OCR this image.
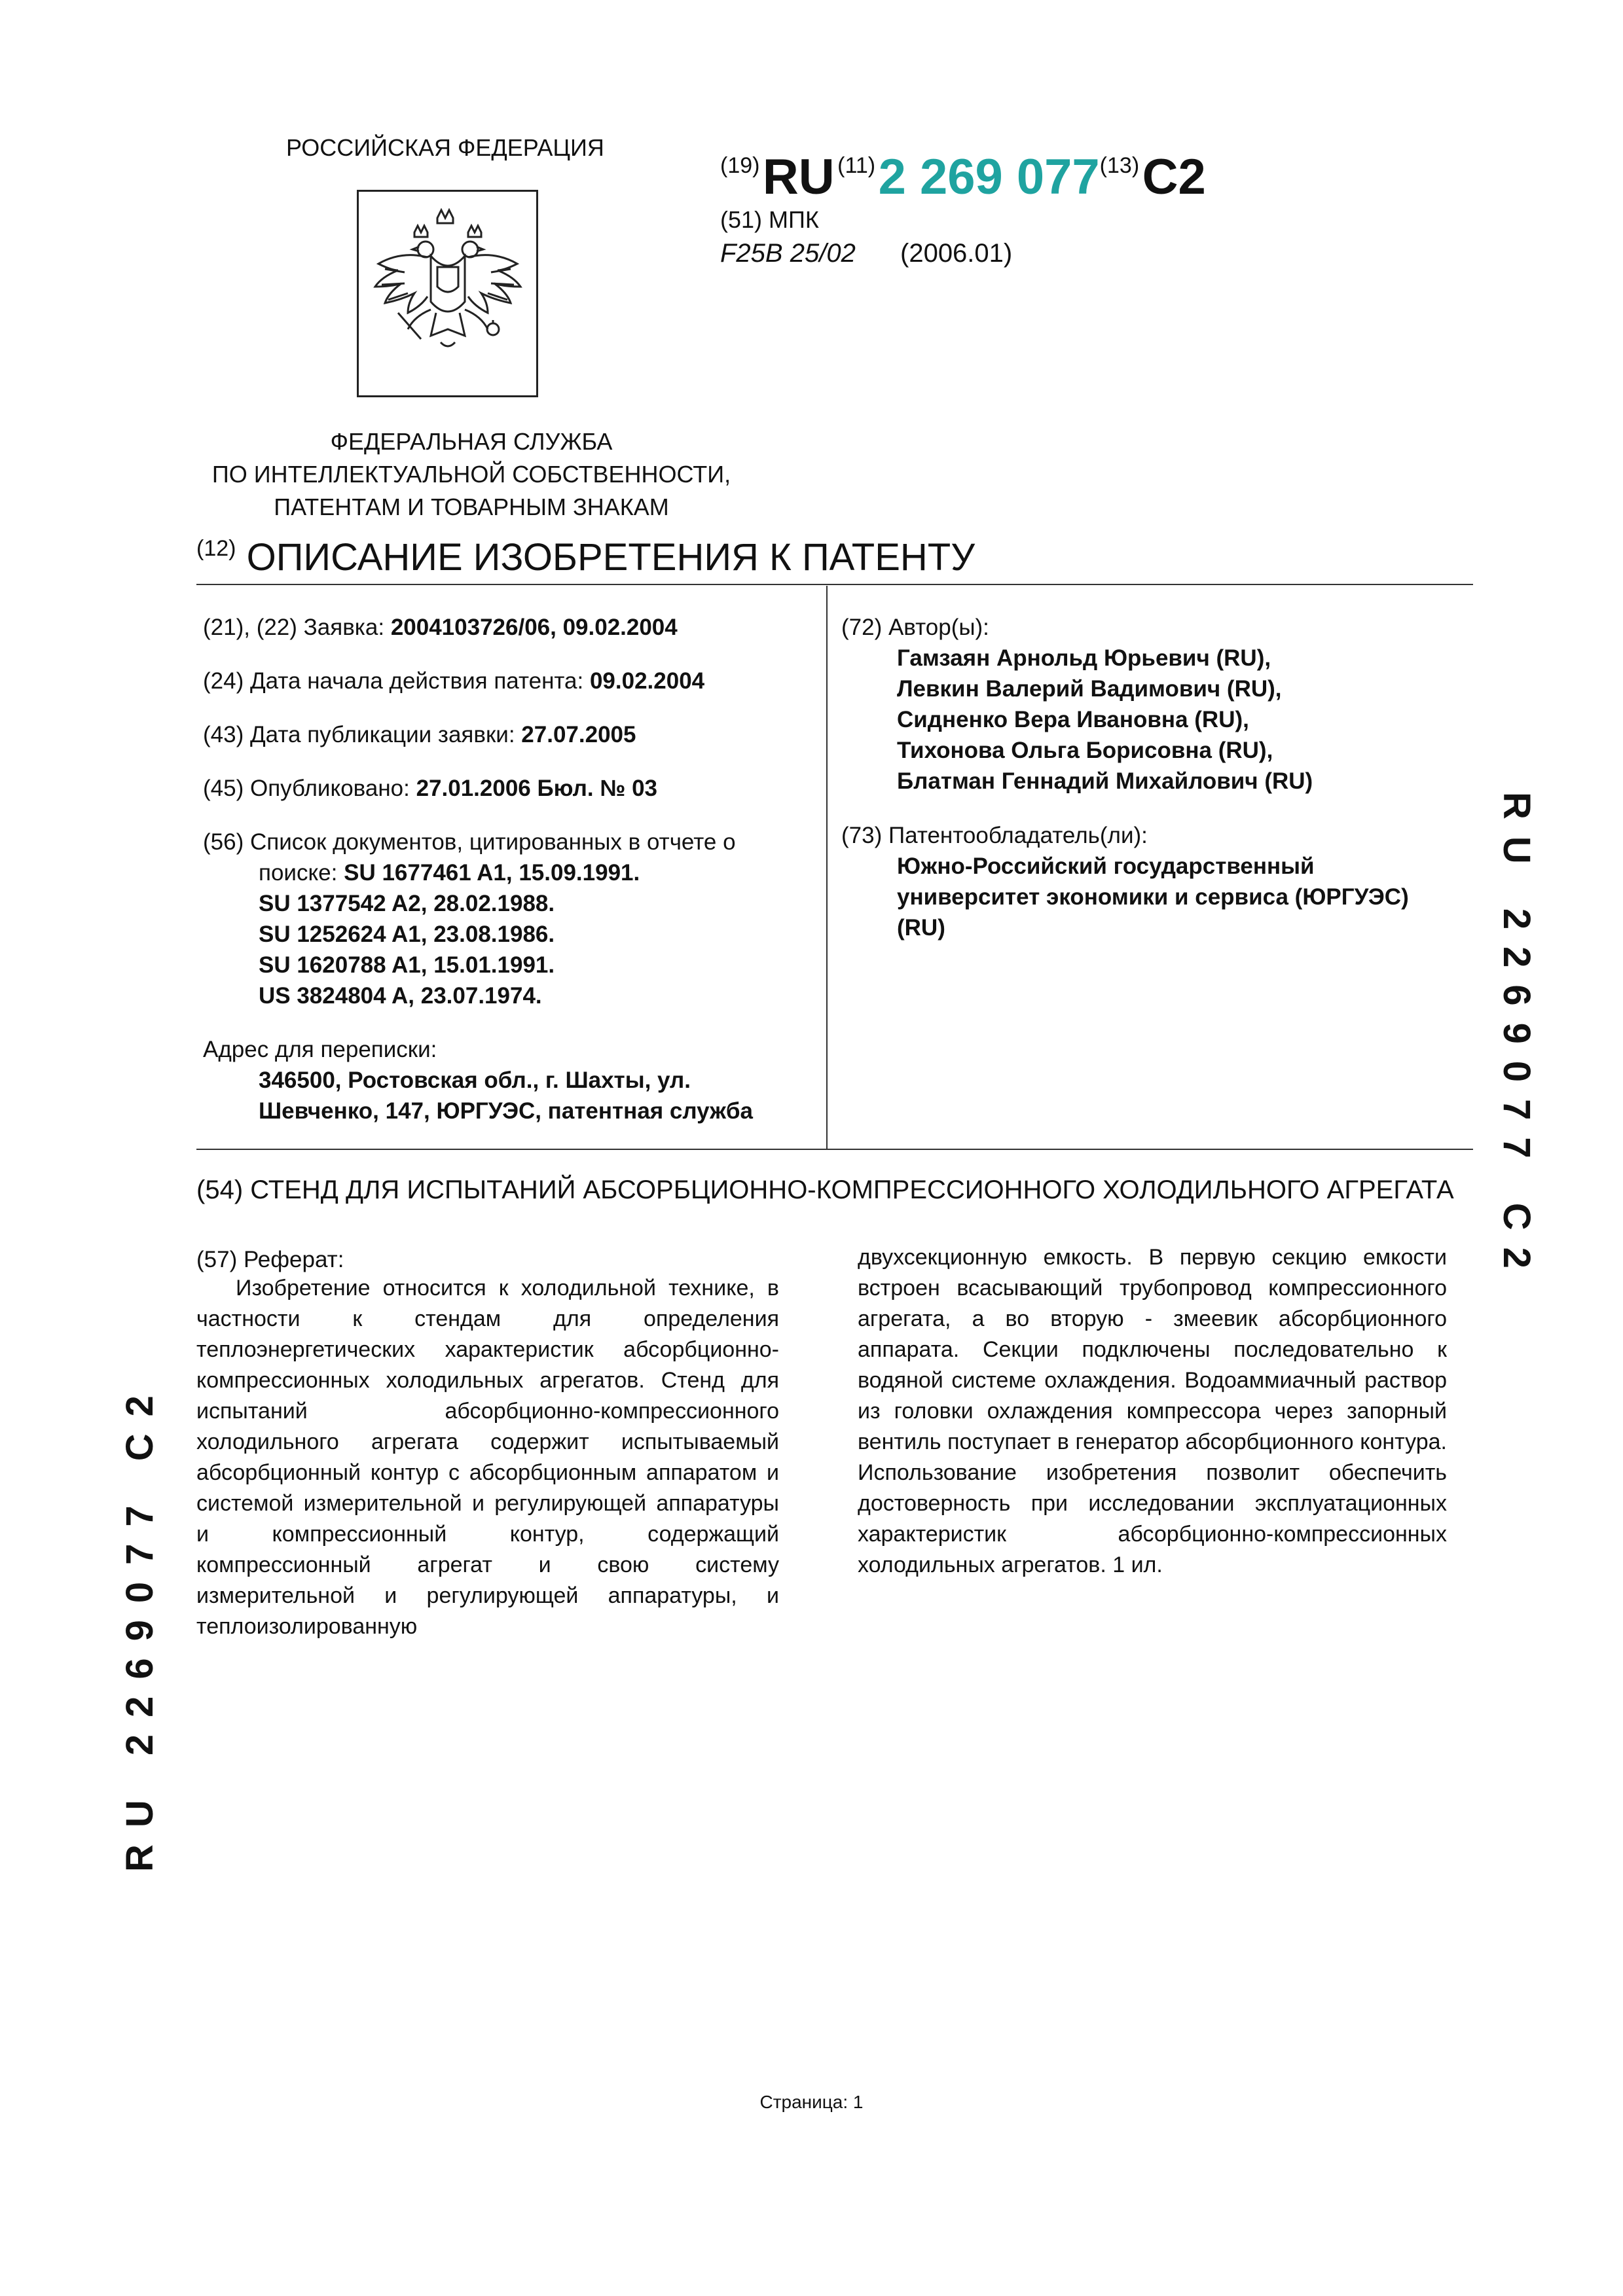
РОССИЙСКАЯ ФЕДЕРАЦИЯ
ФЕДЕРАЛЬНАЯ СЛУЖБА
ПО ИНТЕЛЛЕКТУАЛЬНОЙ СОБСТВЕННОСТИ,
ПАТЕНТАМ И ТОВАРНЫМ ЗНАКАМ
(19) RU (11) 2 269 077(13) C2
(51) МПК
F25B 25/02 (2006.01)
$^{(12)}$ ОПИСАНИЕ ИЗОБРЕТЕНИЯ К ПАТЕНТУ
(21), (22) Заявка: 2004103726/06, 09.02.2004
(24) Дата начала действия патента: 09.02.2004
(43) Дата публикации заявки: 27.07.2005
(45) Опубликовано: 27.01.2006 Бюл. № 03
(56) Список документов, цитированных в отчете о
поиске: SU 1677461 A1, 15.09.1991.
SU 1377542 A2, 28.02.1988.
SU 1252624 A1, 23.08.1986.
SU 1620788 A1, 15.01.1991.
US 3824804 A, 23.07.1974.
Адрес для переписки:
346500, Ростовская обл., г. Шахты, ул.
Шевченко, 147, ЮРГУЭС, патентная служба
(72) Автор(ы):
Гамзаян Арнольд Юрьевич (RU),
Левкин Валерий Вадимович (RU),
Сидненко Вера Ивановна (RU),
Тихонова Ольга Борисовна (RU),
Блатман Геннадий Михайлович (RU)
(73) Патентообладатель(ли):
Южно-Российский государственный
университет экономики и сервиса (ЮРГУЭС)
(RU)
(54) СТЕНД ДЛЯ ИСПЫТАНИЙ АБСОРБЦИОННО-КОМПРЕССИОННОГО ХОЛОДИЛЬНОГО АГРЕГАТА
(57) Реферат:
Изобретение относится к холодильной технике, в частности к стендам для определения теплоэнергетических характеристик абсорбционно-компрессионных холодильных агрегатов. Стенд для испытаний абсорбционно-компрессионного холодильного агрегата содержит испытываемый абсорбционный контур с абсорбционным аппаратом и системой измерительной и регулирующей аппаратуры и компрессионный контур, содержащий компрессионный агрегат и свою систему измерительной и регулирующей аппаратуры, и теплоизолированную
двухсекционную емкость. В первую секцию емкости встроен всасывающий трубопровод компрессионного агрегата, а во вторую - змеевик абсорбционного аппарата. Секции подключены последовательно к водяной системе охлаждения. Водоаммиачный раствор из головки охлаждения компрессора через запорный вентиль поступает в генератор абсорбционного контура. Использование изобретения позволит обеспечить достоверность при исследовании эксплуатационных характеристик абсорбционно-компрессионных холодильных агрегатов. 1 ил.
RU 2269077 C2
RU 2269077 C2
Страница: 1
